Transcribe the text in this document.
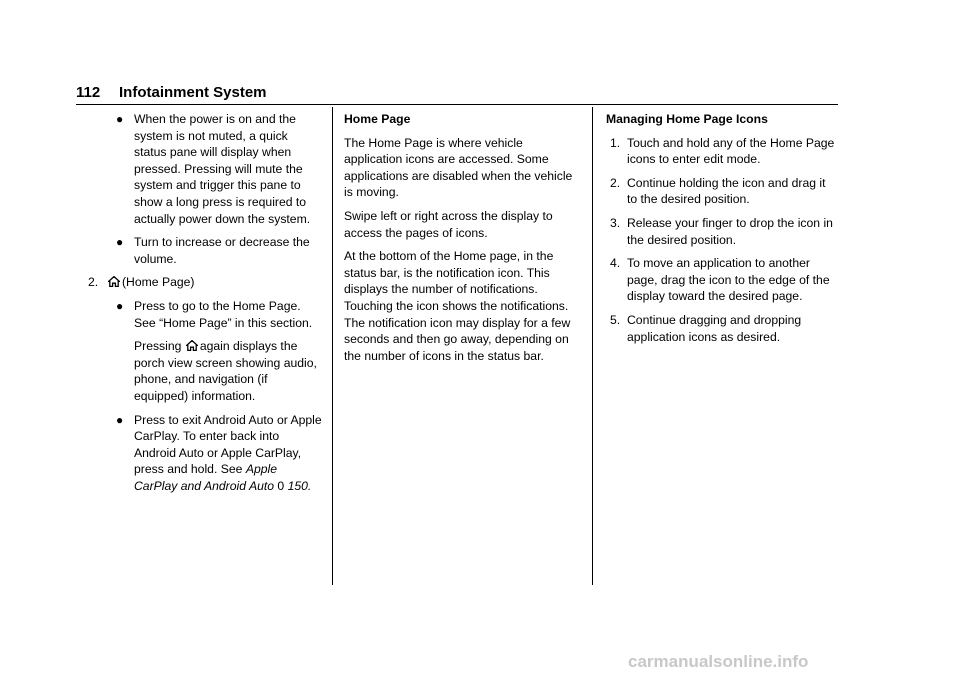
112 Infotainment System
● When the power is on and the system is not muted, a quick status pane will display when pressed. Pressing will mute the system and trigger this pane to show a long press is required to actually power down the system.

● Turn to increase or decrease the volume.

2. (Home Page)
● Press to go to the Home Page. See “Home Page” in this section.

Pressing again displays the porch view screen showing audio, phone, and navigation (if equipped) information.
● Press to exit Android Auto or Apple CarPlay. To enter back into Android Auto or Apple CarPlay, press and hold. See Apple CarPlay and Android Auto 0 150.

Home Page

The Home Page is where vehicle application icons are accessed. Some applications are disabled when the vehicle is moving.

Swipe left or right across the display to access the pages of icons.

At the bottom of the Home page, in the status bar, is the notification icon. This displays the number of notifications. Touching the icon shows the notifications. The notification icon may display for a few seconds and then go away, depending on the number of icons in the status bar.

Managing Home Page Icons

1. Touch and hold any of the Home Page icons to enter edit mode.

2. Continue holding the icon and drag it to the desired position.

3. Release your finger to drop the icon in the desired position.

4. To move an application to another page, drag the icon to the edge of the display toward the desired page.

5. Continue dragging and dropping application icons as desired.

carmanualsonline.info
